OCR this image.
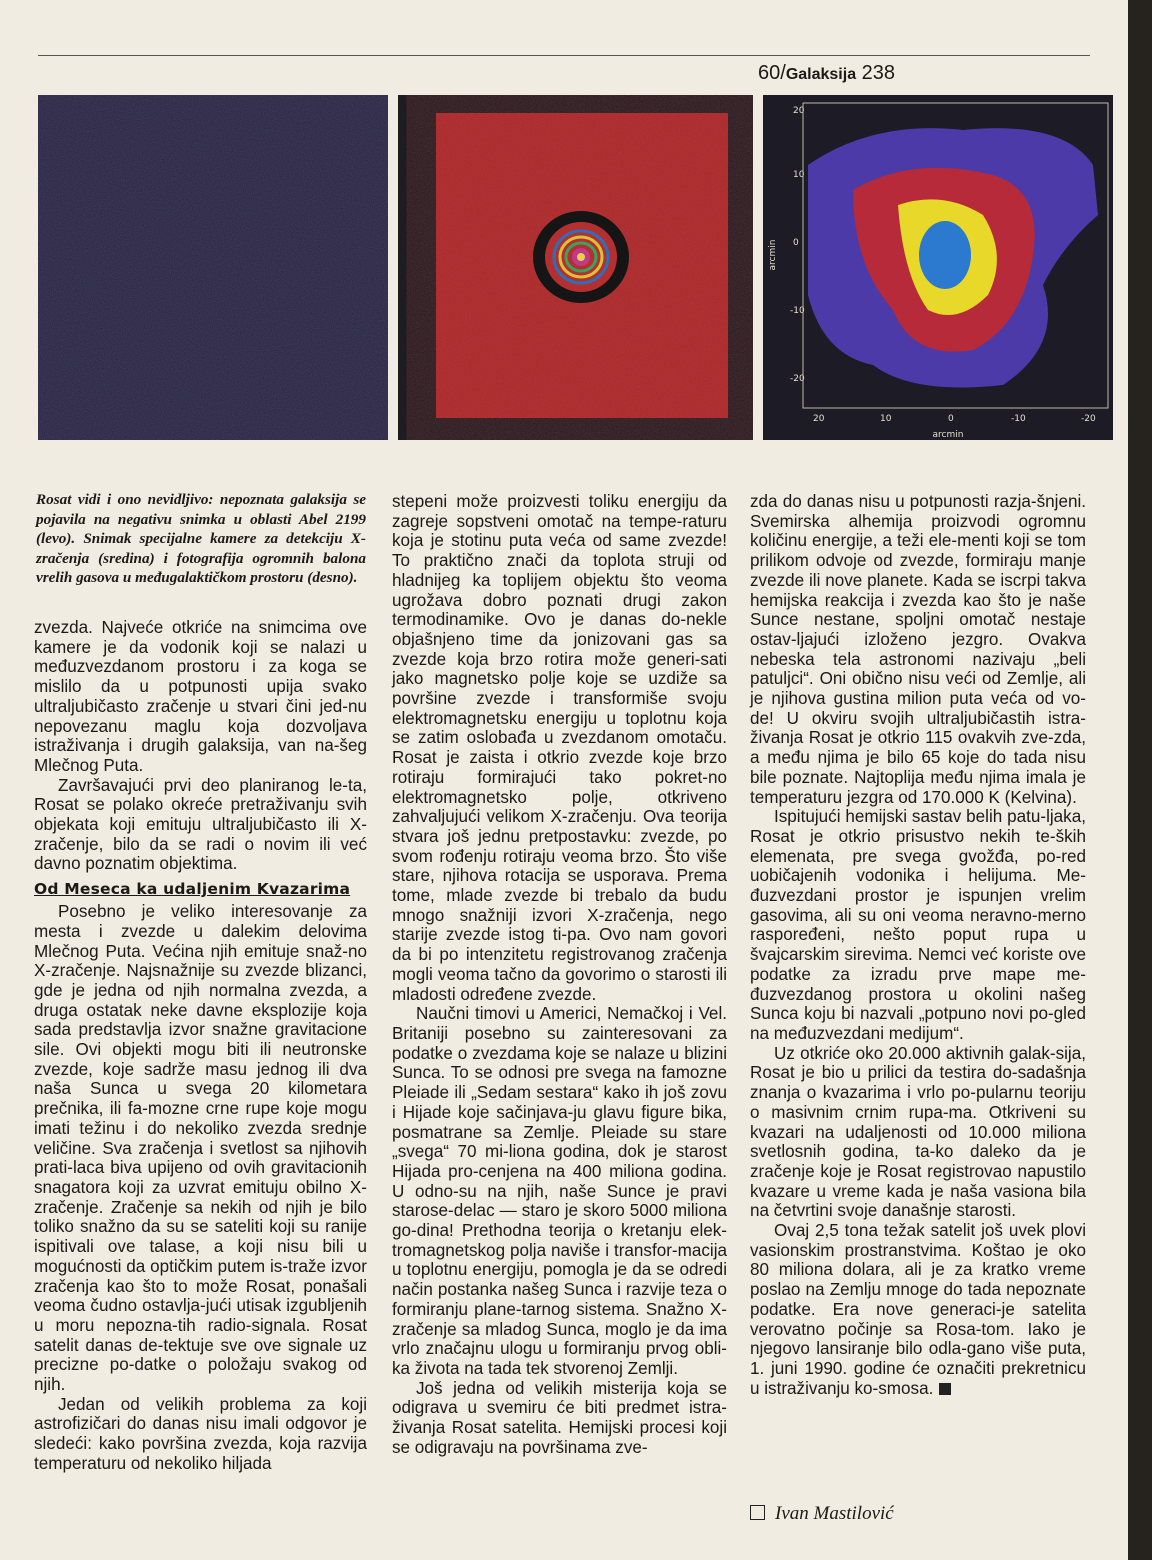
60/Galaksija 238
arcmin
20
10
0
-10
-20
20	10	0	-10	-20
arcmin
Rosat vidi i ono nevidljivo: nepoznata galaksija se pojavila na negativu snimka u oblasti Abel 2199 (levo). Snimak specijalne kamere za detekciju X-zračenja (sredina) i fotografija ogromnih balona vrelih gasova u međugalaktičkom prostoru (desno).

zvezda. Najveće otkriće na snimcima ove kamere je da vodonik koji se nalazi u međuzvezdanom prostoru i za koga se mislilo da u potpunosti upija svako ultraljubičasto zračenje u stvari čini jed-nu nepovezanu maglu koja dozvoljava istraživanja i drugih galaksija, van na-šeg Mlečnog Puta.

Završavajući prvi deo planiranog le-ta, Rosat se polako okreće pretraživanju svih objekata koji emituju ultraljubičasto ili X-zračenje, bilo da se radi o novim ili već davno poznatim objektima.

Od Meseca ka udaljenim Kvazarima

Posebno je veliko interesovanje za mesta i zvezde u dalekim delovima Mlečnog Puta. Većina njih emituje snaž-no X-zračenje. Najsnažnije su zvezde blizanci, gde je jedna od njih normalna zvezda, a druga ostatak neke davne eksplozije koja sada predstavlja izvor snažne gravitacione sile. Ovi objekti mogu biti ili neutronske zvezde, koje sadrže masu jednog ili dva naša Sunca u svega 20 kilometara prečnika, ili fa-mozne crne rupe koje mogu imati težinu i do nekoliko zvezda srednje veličine. Sva zračenja i svetlost sa njihovih prati-laca biva upijeno od ovih gravitacionih snagatora koji za uzvrat emituju obilno X-zračenje. Zračenje sa nekih od njih je bilo toliko snažno da su se sateliti koji su ranije ispitivali ove talase, a koji nisu bili u mogućnosti da optičkim putem is-traže izvor zračenja kao što to može Rosat, ponašali veoma čudno ostavlja-jući utisak izgubljenih u moru nepozna-tih radio-signala. Rosat satelit danas de-tektuje sve ove signale uz precizne po-datke o položaju svakog od njih.

Jedan od velikih problema za koji astrofizičari do danas nisu imali odgovor je sledeći: kako površina zvezda, koja razvija temperaturu od nekoliko hiljada

stepeni može proizvesti toliku energiju da zagreje sopstveni omotač na tempe-raturu koja je stotinu puta veća od same zvezde! To praktično znači da toplota struji od hladnijeg ka toplijem objektu što veoma ugrožava dobro poznati drugi zakon termodinamike. Ovo je danas do-nekle objašnjeno time da jonizovani gas sa zvezde koja brzo rotira može generi-sati jako magnetsko polje koje se uzdiže sa površine zvezde i transformiše svoju elektromagnetsku energiju u toplotnu koja se zatim oslobađa u zvezdanom omotaču. Rosat je zaista i otkrio zvezde koje brzo rotiraju formirajući tako pokret-no elektromagnetsko polje, otkriveno zahvaljujući velikom X-zračenju. Ova teorija stvara još jednu pretpostavku: zvezde, po svom rođenju rotiraju veoma brzo. Što više stare, njihova rotacija se usporava. Prema tome, mlade zvezde bi trebalo da budu mnogo snažniji izvori X-zračenja, nego starije zvezde istog ti-pa. Ovo nam govori da bi po intenzitetu registrovanog zračenja mogli veoma tačno da govorimo o starosti ili mladosti određene zvezde.

Naučni timovi u Americi, Nemačkoj i Vel. Britaniji posebno su zainteresovani za podatke o zvezdama koje se nalaze u blizini Sunca. To se odnosi pre svega na famozne Pleiade ili „Sedam sestara“ kako ih još zovu i Hijade koje sačinjava-ju glavu figure bika, posmatrane sa Zemlje. Pleiade su stare „svega“ 70 mi-liona godina, dok je starost Hijada pro-cenjena na 400 miliona godina. U odno-su na njih, naše Sunce je pravi starose-delac — staro je skoro 5000 miliona go-dina! Prethodna teorija o kretanju elek-tromagnetskog polja naviše i transfor-macija u toplotnu energiju, pomogla je da se odredi način postanka našeg Sunca i razvije teza o formiranju plane-tarnog sistema. Snažno X-zračenje sa mladog Sunca, moglo je da ima vrlo značajnu ulogu u formiranju prvog obli-ka života na tada tek stvorenoj Zemlji.

Još jedna od velikih misterija koja se odigrava u svemiru će biti predmet istra-živanja Rosat satelita. Hemijski procesi koji se odigravaju na površinama zve-

zda do danas nisu u potpunosti razja-šnjeni. Svemirska alhemija proizvodi ogromnu količinu energije, a teži ele-menti koji se tom prilikom odvoje od zvezde, formiraju manje zvezde ili nove planete. Kada se iscrpi takva hemijska reakcija i zvezda kao što je naše Sunce nestane, spoljni omotač nestaje ostav-ljajući izloženo jezgro. Ovakva nebeska tela astronomi nazivaju „beli patuljci“. Oni obično nisu veći od Zemlje, ali je njihova gustina milion puta veća od vo-de! U okviru svojih ultraljubičastih istra-živanja Rosat je otkrio 115 ovakvih zve-zda, a među njima je bilo 65 koje do tada nisu bile poznate. Najtoplija među njima imala je temperaturu jezgra od 170.000 K (Kelvina).

Ispitujući hemijski sastav belih patu-ljaka, Rosat je otkrio prisustvo nekih te-ških elemenata, pre svega gvožđa, po-red uobičajenih vodonika i helijuma. Me-đuzvezdani prostor je ispunjen vrelim gasovima, ali su oni veoma neravno-merno raspoređeni, nešto poput rupa u švajcarskim sirevima. Nemci već koriste ove podatke za izradu prve mape me-đuzvezdanog prostora u okolini našeg Sunca koju bi nazvali „potpuno novi po-gled na međuzvezdani medijum“.

Uz otkriće oko 20.000 aktivnih galak-sija, Rosat je bio u prilici da testira do-sadašnja znanja o kvazarima i vrlo po-pularnu teoriju o masivnim crnim rupa-ma. Otkriveni su kvazari na udaljenosti od 10.000 miliona svetlosnih godina, ta-ko daleko da je zračenje koje je Rosat registrovao napustilo kvazare u vreme kada je naša vasiona bila na četvrtini svoje današnje starosti.

Ovaj 2,5 tona težak satelit još uvek plovi vasionskim prostranstvima. Koštao je oko 80 miliona dolara, ali je za kratko vreme poslao na Zemlju mnoge do tada nepoznate podatke. Era nove generaci-je satelita verovatno počinje sa Rosa-tom. Iako je njegovo lansiranje bilo odla-gano više puta, 1. juni 1990. godine će označiti prekretnicu u istraživanju ko-smosa.

Ivan Mastilović
